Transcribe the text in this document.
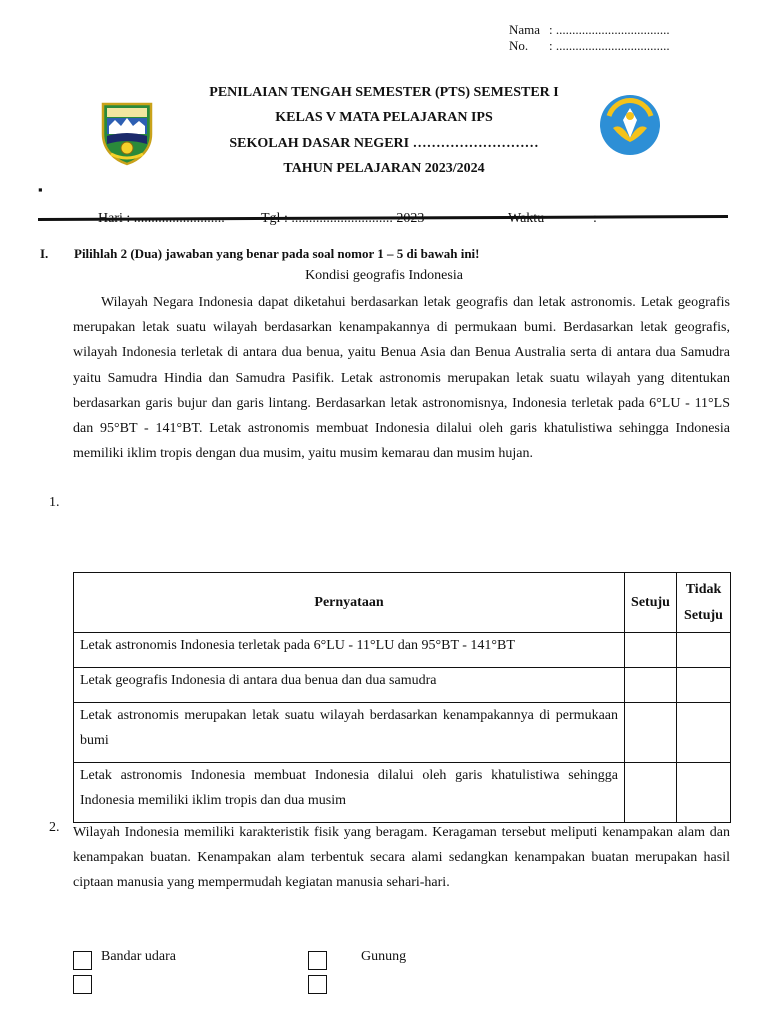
Nama : ...................................
No. : ...................................
PENILAIAN TENGAH SEMESTER (PTS) SEMESTER I
KELAS V MATA PELAJARAN IPS
SEKOLAH DASAR NEGERI ………………………
TAHUN PELAJARAN 2023/2024
▪
I. Pilihlah 2 (Dua) jawaban yang benar pada soal nomor 1 – 5 di bawah ini!
Kondisi geografis Indonesia
Wilayah Negara Indonesia dapat diketahui berdasarkan letak geografis dan letak astronomis. Letak geografis merupakan letak suatu wilayah berdasarkan kenampakannya di permukaan bumi. Berdasarkan letak geografis, wilayah Indonesia terletak di antara dua benua, yaitu Benua Asia dan Benua Australia serta di antara dua Samudra yaitu Samudra Hindia dan Samudra Pasifik. Letak astronomis merupakan letak suatu wilayah yang ditentukan berdasarkan garis bujur dan garis lintang. Berdasarkan letak astronomisnya, Indonesia terletak pada 6°LU - 11°LS dan 95°BT - 141°BT. Letak astronomis membuat Indonesia dilalui oleh garis khatulistiwa sehingga Indonesia memiliki iklim tropis dengan dua musim, yaitu musim kemarau dan musim hujan.
1.
Pernyataan	Setuju	Tidak
Setuju
Letak astronomis Indonesia terletak pada 6°LU - 11°LU dan 95°BT - 141°BT		
Letak geografis Indonesia di antara dua benua dan dua samudra		
Letak astronomis merupakan letak suatu wilayah berdasarkan kenampakannya di permukaan bumi		
Letak astronomis Indonesia membuat Indonesia dilalui oleh garis khatulistiwa sehingga Indonesia memiliki iklim tropis dan dua musim		
2. Wilayah Indonesia memiliki karakteristik fisik yang beragam. Keragaman tersebut meliputi kenampakan alam dan kenampakan buatan. Kenampakan alam terbentuk secara alami sedangkan kenampakan buatan merupakan hasil ciptaan manusia yang mempermudah kegiatan manusia sehari-hari.
Bandar udara	Gunung
